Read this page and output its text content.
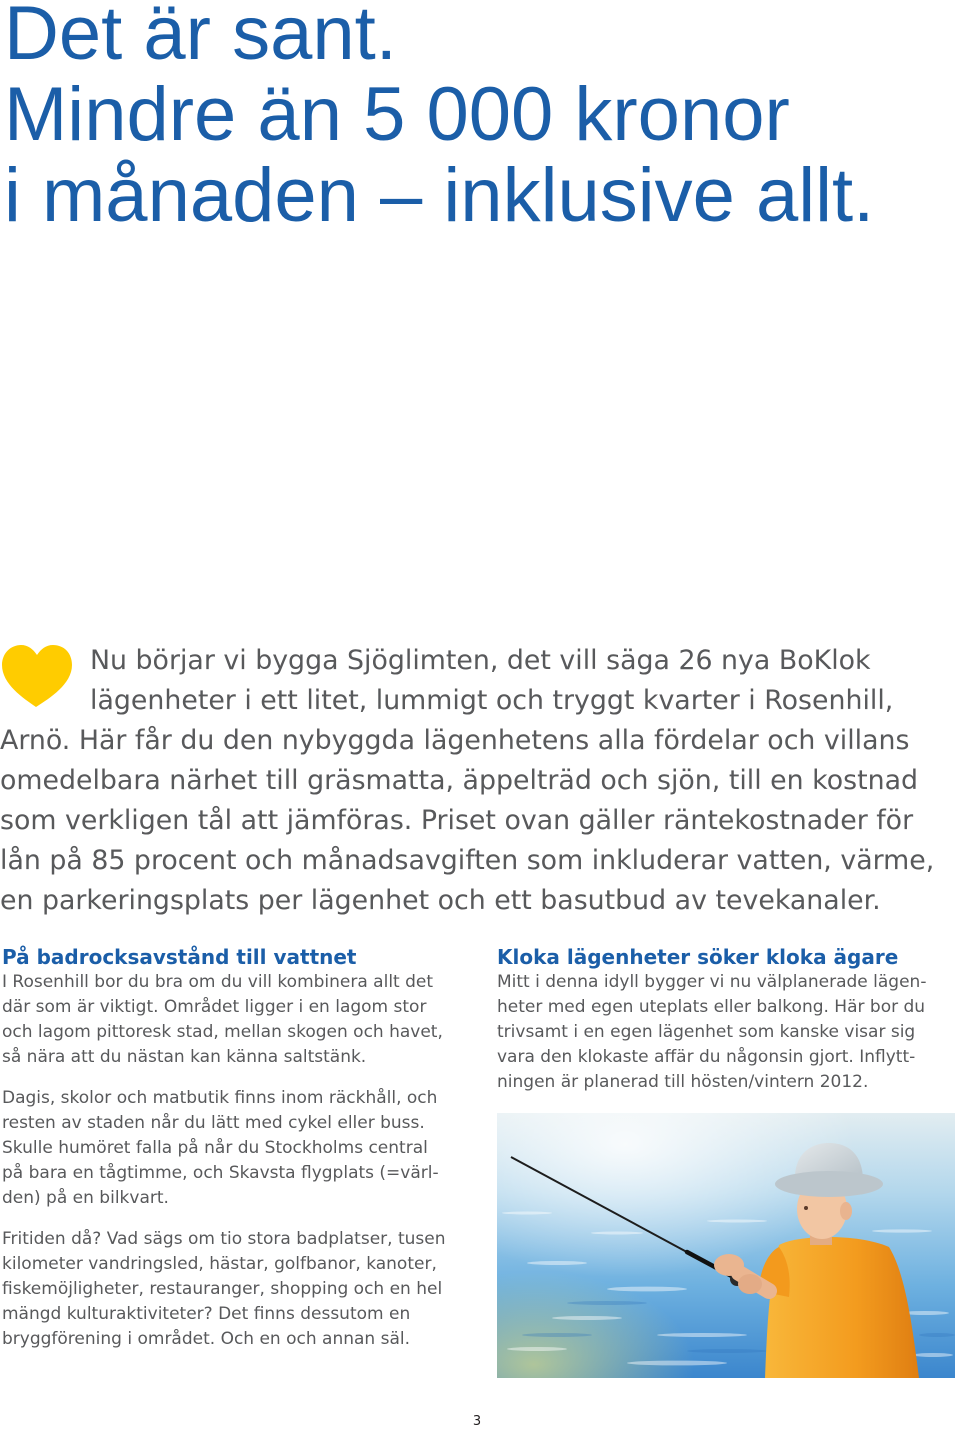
Det är sant.
Mindre än 5 000 kronor
i månaden – inklusive allt.
Nu börjar vi bygga Sjöglimten, det vill säga 26 nya BoKlok
lägenheter i ett litet, lummigt och tryggt kvarter i Rosenhill,
Arnö. Här får du den nybyggda lägenhetens alla fördelar och villans
omedelbara närhet till gräsmatta, äppelträd och sjön, till en kostnad
som verkligen tål att jämföras. Priset ovan gäller räntekostnader för
lån på 85 procent och månadsavgiften som inkluderar vatten, värme,
en parkeringsplats per lägenhet och ett basutbud av tevekanaler.
På badrocksavstånd till vattnet

I Rosenhill bor du bra om du vill kombinera allt det
där som är viktigt. Området ligger i en lagom stor
och lagom pittoresk stad, mellan skogen och havet,
så nära att du nästan kan känna saltstänk.

Dagis, skolor och matbutik finns inom räckhåll, och
resten av staden når du lätt med cykel eller buss.
Skulle humöret falla på når du Stockholms central
på bara en tågtimme, och Skavsta flygplats (=värl-
den) på en bilkvart.

Fritiden då? Vad sägs om tio stora badplatser, tusen
kilometer vandringsled, hästar, golfbanor, kanoter,
fiskemöjligheter, restauranger, shopping och en hel
mängd kulturaktiviteter? Det finns dessutom en
bryggförening i området. Och en och annan säl.

Kloka lägenheter söker kloka ägare

Mitt i denna idyll bygger vi nu välplanerade lägen-
heter med egen uteplats eller balkong. Här bor du
trivsamt i en egen lägenhet som kanske visar sig
vara den klokaste affär du någonsin gjort. Inflytt-
ningen är planerad till hösten/vintern 2012.

3
